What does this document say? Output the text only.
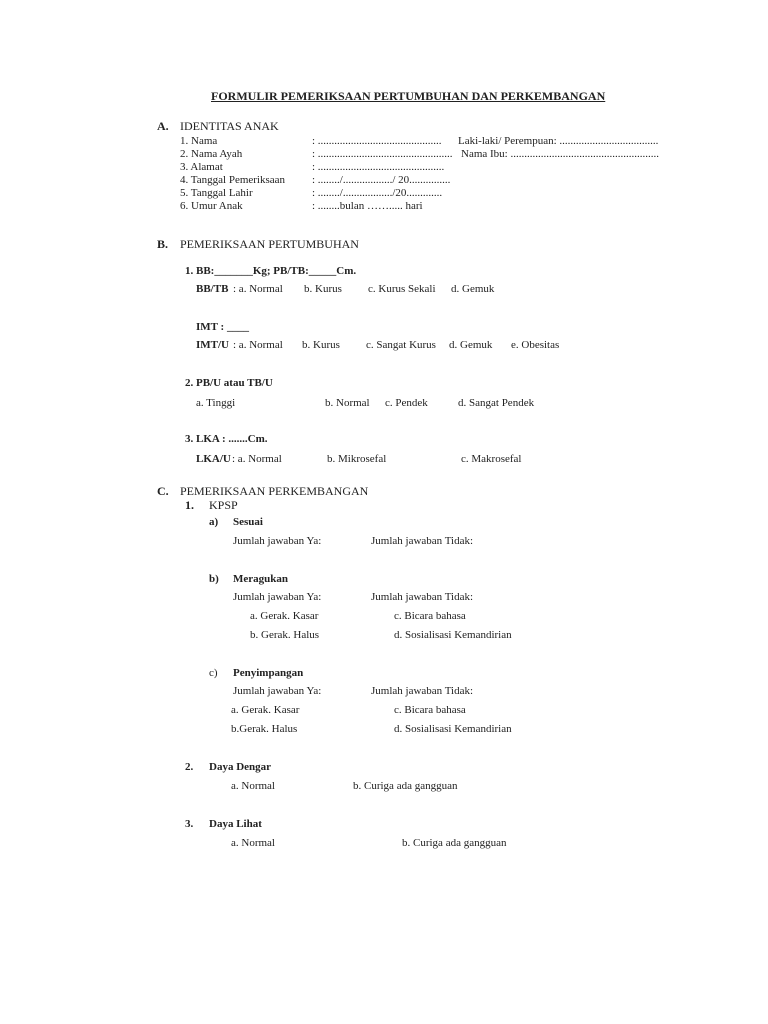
FORMULIR PEMERIKSAAN PERTUMBUHAN DAN PERKEMBANGAN
A. IDENTITAS ANAK
1. Nama	: ............................................. Laki-laki/ Perempuan: ....................................
2. Nama Ayah	: ................................................. Nama Ibu: ......................................................
3. Alamat	: ..............................................
4. Tanggal Pemeriksaan : ......../................../ 20...............
5. Tanggal Lahir	: ......../................../20.............
6. Umur Anak	: ........bulan ……..... hari
B. PEMERIKSAAN PERTUMBUHAN
1. BB:_______Kg; PB/TB:_____Cm.
BB/TB : a. Normal b. Kurus c. Kurus Sekali d. Gemuk
IMT : ____
IMT/U : a. Normal b. Kurus c. Sangat Kurus d. Gemuk e. Obesitas
2. PB/U atau TB/U
a. Tinggi	b. Normal c. Pendek	d. Sangat Pendek
3. LKA : .......Cm.
LKA/U : a. Normal	b. Mikrosefal	c. Makrosefal
C. PEMERIKSAAN PERKEMBANGAN
1. KPSP
a) Sesuai
Jumlah jawaban Ya:	Jumlah jawaban Tidak:
b) Meragukan
Jumlah jawaban Ya:	Jumlah jawaban Tidak:
a. Gerak. Kasar	c. Bicara bahasa
b. Gerak. Halus	d. Sosialisasi Kemandirian
c) Penyimpangan
Jumlah jawaban Ya:	Jumlah jawaban Tidak:
a. Gerak. Kasar	c. Bicara bahasa
b.Gerak. Halus	d. Sosialisasi Kemandirian
2. Daya Dengar
a. Normal	b. Curiga ada gangguan
3. Daya Lihat
a. Normal	b. Curiga ada gangguan
